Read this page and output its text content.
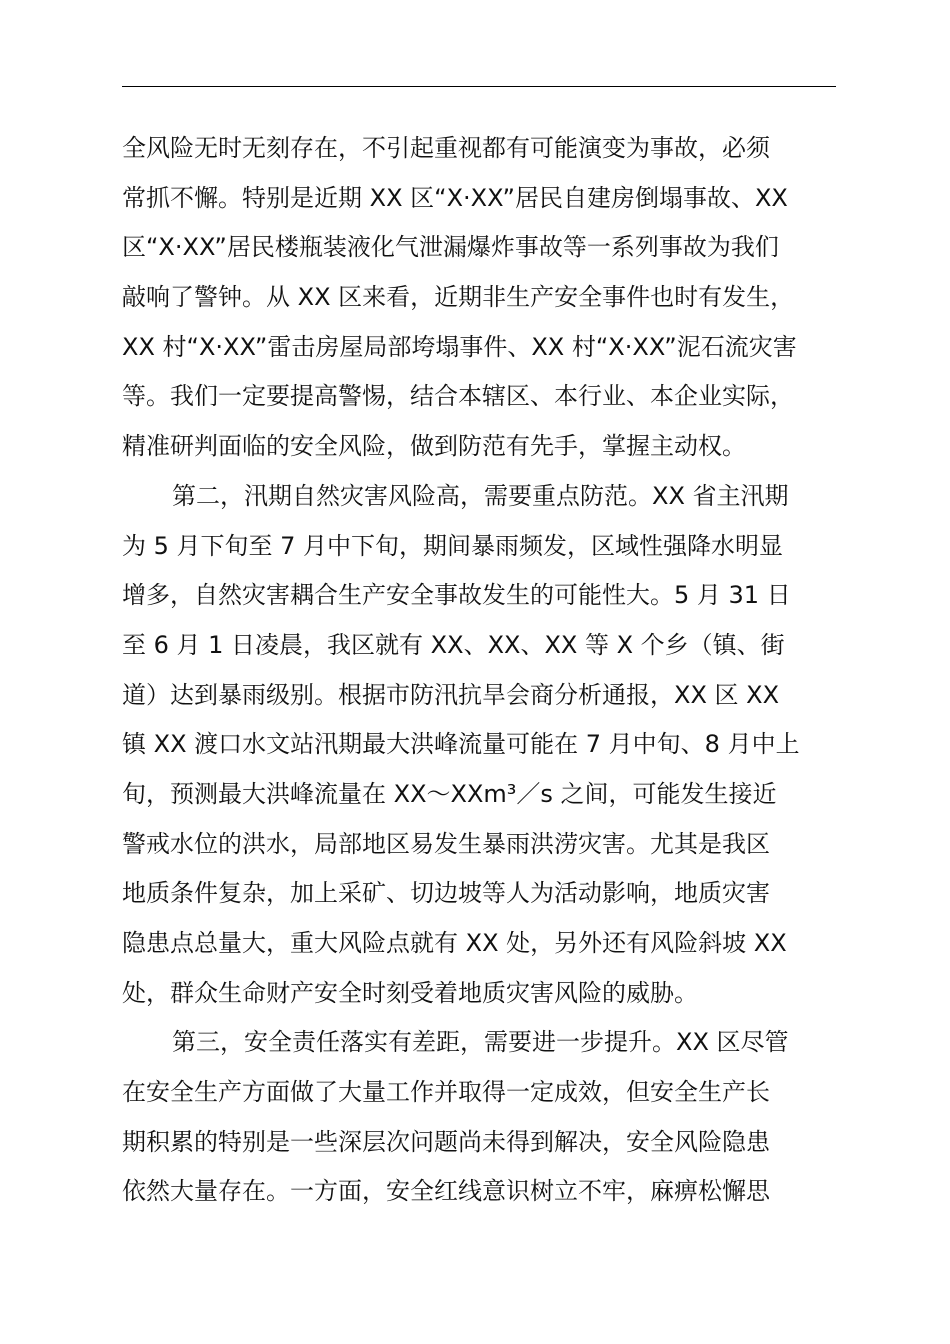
全风险无时无刻存在，不引起重视都有可能演变为事故，必须
常抓不懈。特别是近期 XX 区“X·XX”居民自建房倒塌事故、XX
区“X·XX”居民楼瓶装液化气泄漏爆炸事故等一系列事故为我们
敲响了警钟。从 XX 区来看，近期非生产安全事件也时有发生，
XX 村“X·XX”雷击房屋局部垮塌事件、XX 村“X·XX”泥石流灾害
等。我们一定要提高警惕，结合本辖区、本行业、本企业实际，
精准研判面临的安全风险，做到防范有先手，掌握主动权。
第二，汛期自然灾害风险高，需要重点防范。XX 省主汛期
为 5 月下旬至 7 月中下旬，期间暴雨频发，区域性强降水明显
增多，自然灾害耦合生产安全事故发生的可能性大。5 月 31 日
至 6 月 1 日凌晨，我区就有 XX、XX、XX 等 X 个乡（镇、街
道）达到暴雨级别。根据市防汛抗旱会商分析通报，XX 区 XX
镇 XX 渡口水文站汛期最大洪峰流量可能在 7 月中旬、8 月中上
旬，预测最大洪峰流量在 XX～XXm³／s 之间，可能发生接近
警戒水位的洪水，局部地区易发生暴雨洪涝灾害。尤其是我区
地质条件复杂，加上采矿、切边坡等人为活动影响，地质灾害
隐患点总量大，重大风险点就有 XX 处，另外还有风险斜坡 XX
处，群众生命财产安全时刻受着地质灾害风险的威胁。
第三，安全责任落实有差距，需要进一步提升。XX 区尽管
在安全生产方面做了大量工作并取得一定成效，但安全生产长
期积累的特别是一些深层次问题尚未得到解决，安全风险隐患
依然大量存在。一方面，安全红线意识树立不牢，麻痹松懈思
